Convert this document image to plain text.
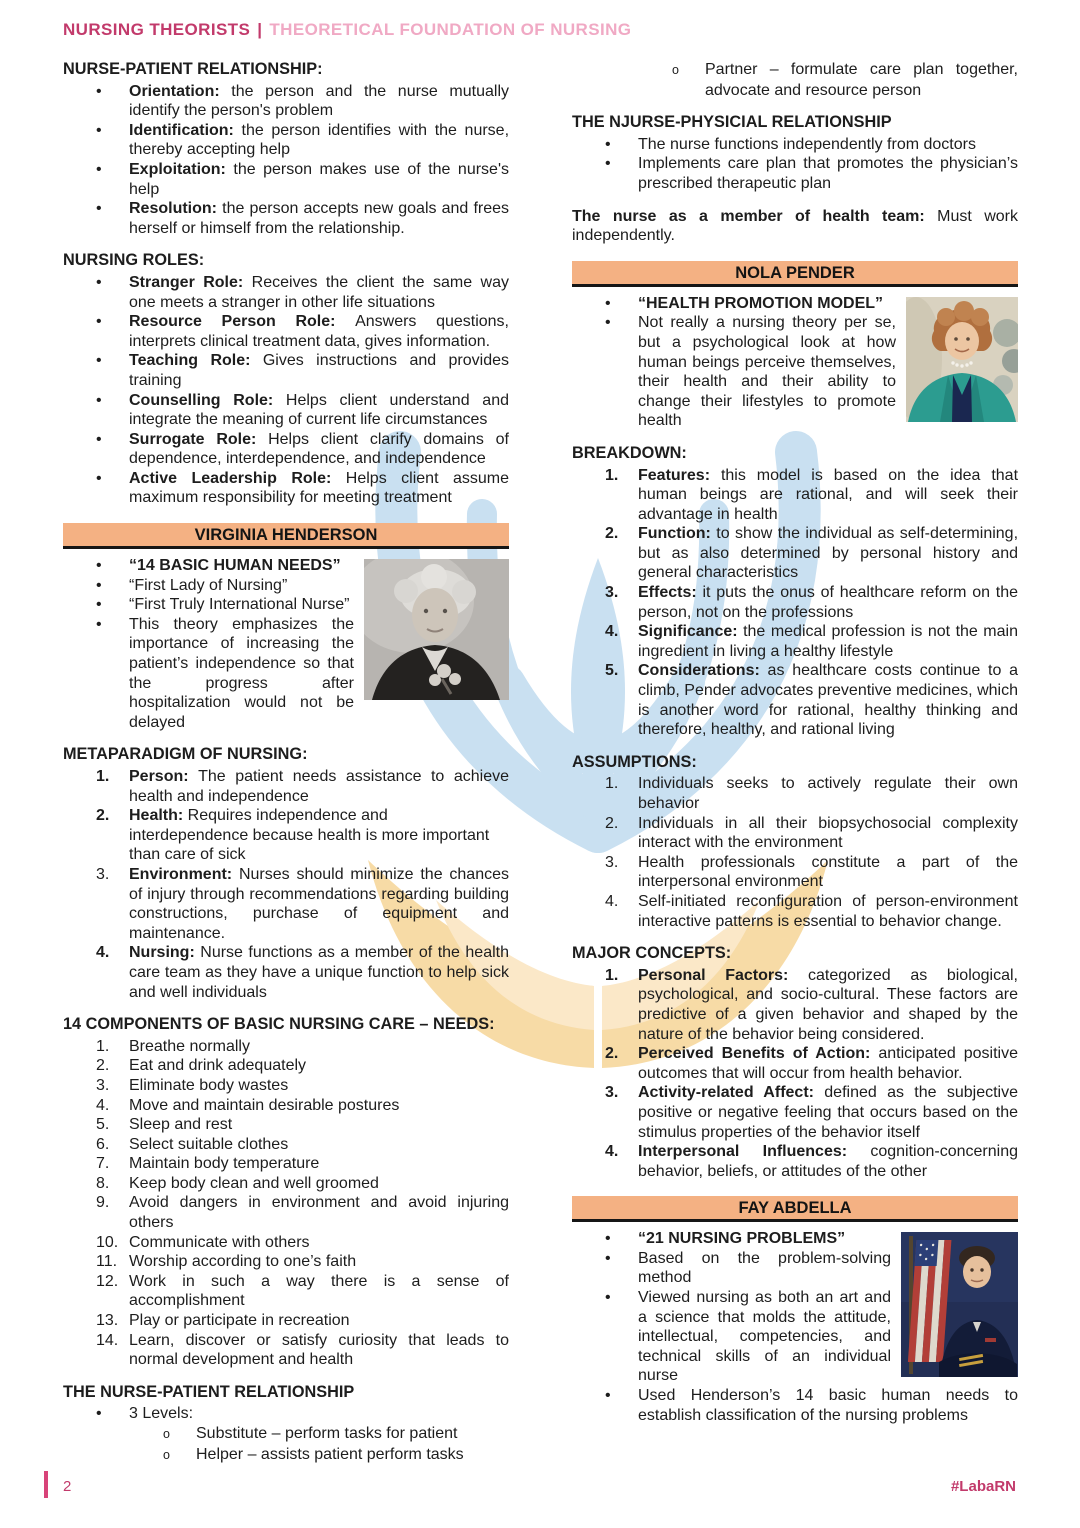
NURSING THEORISTS | THEORETICAL FOUNDATION OF NURSING
NURSE-PATIENT RELATIONSHIP:
• Orientation: the person and the nurse mutually identify the person's problem
• Identification: the person identifies with the nurse, thereby accepting help
• Exploitation: the person makes use of the nurse's help
• Resolution: the person accepts new goals and frees herself or himself from the relationship.
NURSING ROLES:
• Stranger Role: Receives the client the same way one meets a stranger in other life situations
• Resource Person Role: Answers questions, interprets clinical treatment data, gives information.
• Teaching Role: Gives instructions and provides training
• Counselling Role: Helps client understand and integrate the meaning of current life circumstances
• Surrogate Role: Helps client clarify domains of dependence, interdependence, and independence
• Active Leadership Role: Helps client assume maximum responsibility for meeting treatment
VIRGINIA HENDERSON
• “14 BASIC HUMAN NEEDS”
• “First Lady of Nursing”
• “First Truly International Nurse”
• This theory emphasizes the importance of increasing the patient’s independence so that the progress after hospitalization would not be delayed
METAPARADIGM OF NURSING:
1. Person: The patient needs assistance to achieve health and independence
2. Health: Requires independence and interdependence because health is more important than care of sick
3. Environment: Nurses should minimize the chances of injury through recommendations regarding building constructions, purchase of equipment and maintenance.
4. Nursing: Nurse functions as a member of the health care team as they have a unique function to help sick and well individuals
14 COMPONENTS OF BASIC NURSING CARE – NEEDS:
1. Breathe normally
2. Eat and drink adequately
3. Eliminate body wastes
4. Move and maintain desirable postures
5. Sleep and rest
6. Select suitable clothes
7. Maintain body temperature
8. Keep body clean and well groomed
9. Avoid dangers in environment and avoid injuring others
10. Communicate with others
11. Worship according to one’s faith
12. Work in such a way there is a sense of accomplishment
13. Play or participate in recreation
14. Learn, discover or satisfy curiosity that leads to normal development and health
THE NURSE-PATIENT RELATIONSHIP
• 3 Levels:
o Substitute – perform tasks for patient
o Helper – assists patient perform tasks
o Partner – formulate care plan together, advocate and resource person
THE NJURSE-PHYSICIAL RELATIONSHIP
• The nurse functions independently from doctors
• Implements care plan that promotes the physician’s prescribed therapeutic plan
The nurse as a member of health team: Must work independently.
NOLA PENDER
• “HEALTH PROMOTION MODEL”
• Not really a nursing theory per se, but a psychological look at how human beings perceive themselves, their health and their ability to change their lifestyles to promote health
BREAKDOWN:
1. Features: this model is based on the idea that human beings are rational, and will seek their advantage in health
2. Function: to show the individual as self-determining, but as also determined by personal history and general characteristics
3. Effects: it puts the onus of healthcare reform on the person, not on the professions
4. Significance: the medical profession is not the main ingredient in living a healthy lifestyle
5. Considerations: as healthcare costs continue to a climb, Pender advocates preventive medicines, which is another word for rational, healthy thinking and therefore, healthy, and rational living
ASSUMPTIONS:
1. Individuals seeks to actively regulate their own behavior
2. Individuals in all their biopsychosocial complexity interact with the environment
3. Health professionals constitute a part of the interpersonal environment
4. Self-initiated reconfiguration of person-environment interactive patterns is essential to behavior change.
MAJOR CONCEPTS:
1. Personal Factors: categorized as biological, psychological, and socio-cultural. These factors are predictive of a given behavior and shaped by the nature of the behavior being considered.
2. Perceived Benefits of Action: anticipated positive outcomes that will occur from health behavior.
3. Activity-related Affect: defined as the subjective positive or negative feeling that occurs based on the stimulus properties of the behavior itself
4. Interpersonal Influences: cognition-concerning behavior, beliefs, or attitudes of the other
FAY ABDELLA
• “21 NURSING PROBLEMS”
• Based on the problem-solving method
• Viewed nursing as both an art and a science that molds the attitude, intellectual, competencies, and technical skills of an individual nurse
• Used Henderson’s 14 basic human needs to establish classification of the nursing problems
2	#LabaRN
